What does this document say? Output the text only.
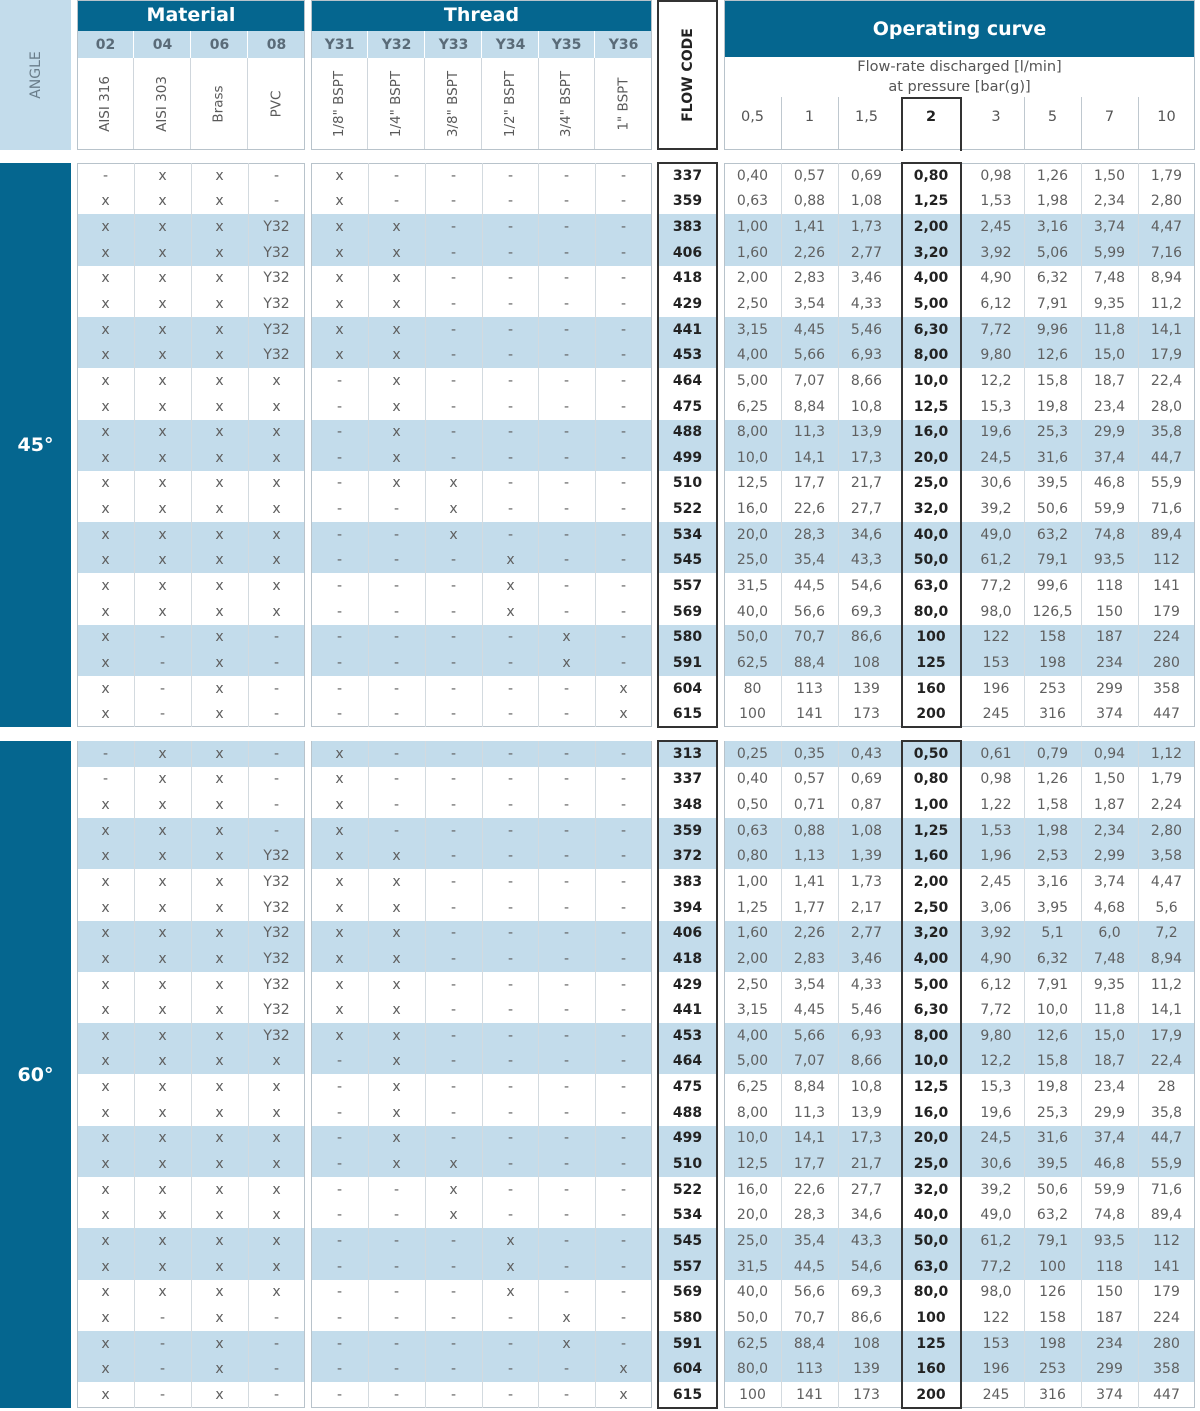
ANGLE
Material
02
AISI 316
04
AISI 303
06
Brass
08
PVC
Thread
Y31
1/8" BSPT
Y32
1/4" BSPT
Y33
3/8" BSPT
Y34
1/2" BSPT
Y35
3/4" BSPT
Y36
1" BSPT	FLOW CODE	Operating curve
Flow-rate discharged [l/min]
at pressure [bar(g)]
0,5	1	1,5	2	3	5	7	10
45°
-	x	x	-	x	-	-	-	-	-	337	0,40	0,57	0,69	0,80	0,98	1,26	1,50	1,79
x	x	x	-	x	-	-	-	-	-	359	0,63	0,88	1,08	1,25	1,53	1,98	2,34	2,80
x	x	x	Y32	x	x	-	-	-	-	383	1,00	1,41	1,73	2,00	2,45	3,16	3,74	4,47
x	x	x	Y32	x	x	-	-	-	-	406	1,60	2,26	2,77	3,20	3,92	5,06	5,99	7,16
x	x	x	Y32	x	x	-	-	-	-	418	2,00	2,83	3,46	4,00	4,90	6,32	7,48	8,94
x	x	x	Y32	x	x	-	-	-	-	429	2,50	3,54	4,33	5,00	6,12	7,91	9,35	11,2
x	x	x	Y32	x	x	-	-	-	-	441	3,15	4,45	5,46	6,30	7,72	9,96	11,8	14,1
x	x	x	Y32	x	x	-	-	-	-	453	4,00	5,66	6,93	8,00	9,80	12,6	15,0	17,9
x	x	x	x	-	x	-	-	-	-	464	5,00	7,07	8,66	10,0	12,2	15,8	18,7	22,4
x	x	x	x	-	x	-	-	-	-	475	6,25	8,84	10,8	12,5	15,3	19,8	23,4	28,0
x	x	x	x	-	x	-	-	-	-	488	8,00	11,3	13,9	16,0	19,6	25,3	29,9	35,8
x	x	x	x	-	x	-	-	-	-	499	10,0	14,1	17,3	20,0	24,5	31,6	37,4	44,7
x	x	x	x	-	x	x	-	-	-	510	12,5	17,7	21,7	25,0	30,6	39,5	46,8	55,9
x	x	x	x	-	-	x	-	-	-	522	16,0	22,6	27,7	32,0	39,2	50,6	59,9	71,6
x	x	x	x	-	-	x	-	-	-	534	20,0	28,3	34,6	40,0	49,0	63,2	74,8	89,4
x	x	x	x	-	-	-	x	-	-	545	25,0	35,4	43,3	50,0	61,2	79,1	93,5	112
x	x	x	x	-	-	-	x	-	-	557	31,5	44,5	54,6	63,0	77,2	99,6	118	141
x	x	x	x	-	-	-	x	-	-	569	40,0	56,6	69,3	80,0	98,0	126,5	150	179
x	-	x	-	-	-	-	-	x	-	580	50,0	70,7	86,6	100	122	158	187	224
x	-	x	-	-	-	-	-	x	-	591	62,5	88,4	108	125	153	198	234	280
x	-	x	-	-	-	-	-	-	x	604	80	113	139	160	196	253	299	358
x	-	x	-	-	-	-	-	-	x	615	100	141	173	200	245	316	374	447
60°
-	x	x	-	x	-	-	-	-	-	313	0,25	0,35	0,43	0,50	0,61	0,79	0,94	1,12
-	x	x	-	x	-	-	-	-	-	337	0,40	0,57	0,69	0,80	0,98	1,26	1,50	1,79
x	x	x	-	x	-	-	-	-	-	348	0,50	0,71	0,87	1,00	1,22	1,58	1,87	2,24
x	x	x	-	x	-	-	-	-	-	359	0,63	0,88	1,08	1,25	1,53	1,98	2,34	2,80
x	x	x	Y32	x	x	-	-	-	-	372	0,80	1,13	1,39	1,60	1,96	2,53	2,99	3,58
x	x	x	Y32	x	x	-	-	-	-	383	1,00	1,41	1,73	2,00	2,45	3,16	3,74	4,47
x	x	x	Y32	x	x	-	-	-	-	394	1,25	1,77	2,17	2,50	3,06	3,95	4,68	5,6
x	x	x	Y32	x	x	-	-	-	-	406	1,60	2,26	2,77	3,20	3,92	5,1	6,0	7,2
x	x	x	Y32	x	x	-	-	-	-	418	2,00	2,83	3,46	4,00	4,90	6,32	7,48	8,94
x	x	x	Y32	x	x	-	-	-	-	429	2,50	3,54	4,33	5,00	6,12	7,91	9,35	11,2
x	x	x	Y32	x	x	-	-	-	-	441	3,15	4,45	5,46	6,30	7,72	10,0	11,8	14,1
x	x	x	Y32	x	x	-	-	-	-	453	4,00	5,66	6,93	8,00	9,80	12,6	15,0	17,9
x	x	x	x	-	x	-	-	-	-	464	5,00	7,07	8,66	10,0	12,2	15,8	18,7	22,4
x	x	x	x	-	x	-	-	-	-	475	6,25	8,84	10,8	12,5	15,3	19,8	23,4	28
x	x	x	x	-	x	-	-	-	-	488	8,00	11,3	13,9	16,0	19,6	25,3	29,9	35,8
x	x	x	x	-	x	-	-	-	-	499	10,0	14,1	17,3	20,0	24,5	31,6	37,4	44,7
x	x	x	x	-	x	x	-	-	-	510	12,5	17,7	21,7	25,0	30,6	39,5	46,8	55,9
x	x	x	x	-	-	x	-	-	-	522	16,0	22,6	27,7	32,0	39,2	50,6	59,9	71,6
x	x	x	x	-	-	x	-	-	-	534	20,0	28,3	34,6	40,0	49,0	63,2	74,8	89,4
x	x	x	x	-	-	-	x	-	-	545	25,0	35,4	43,3	50,0	61,2	79,1	93,5	112
x	x	x	x	-	-	-	x	-	-	557	31,5	44,5	54,6	63,0	77,2	100	118	141
x	x	x	x	-	-	-	x	-	-	569	40,0	56,6	69,3	80,0	98,0	126	150	179
x	-	x	-	-	-	-	-	x	-	580	50,0	70,7	86,6	100	122	158	187	224
x	-	x	-	-	-	-	-	x	-	591	62,5	88,4	108	125	153	198	234	280
x	-	x	-	-	-	-	-	-	x	604	80,0	113	139	160	196	253	299	358
x	-	x	-	-	-	-	-	-	x	615	100	141	173	200	245	316	374	447
